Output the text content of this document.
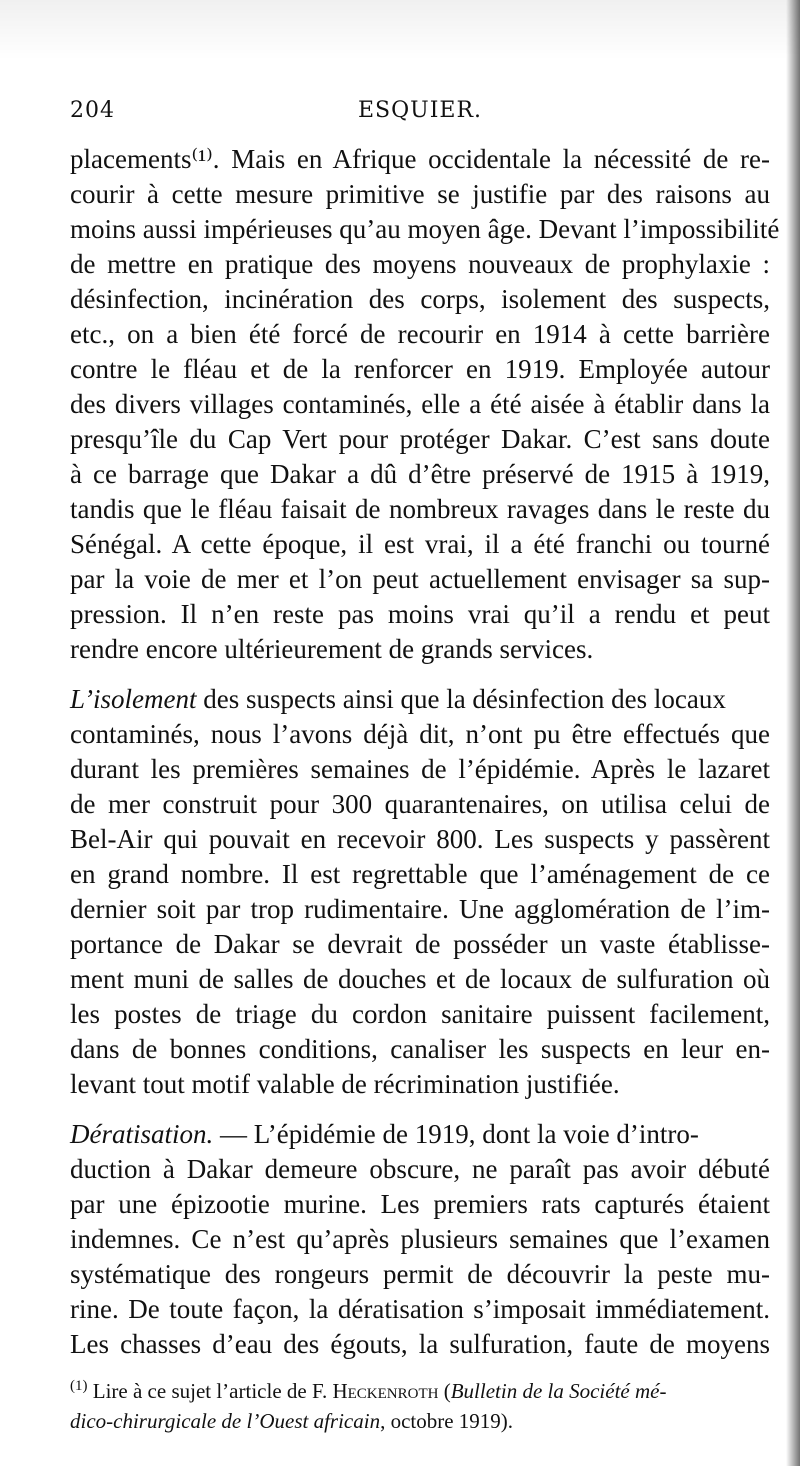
204	ESQUIER.
placements⁽¹⁾. Mais en Afrique occidentale la nécessité de re-
courir à cette mesure primitive se justifie par des raisons au
moins aussi impérieuses qu’au moyen âge. Devant l’impossibilité
de mettre en pratique des moyens nouveaux de prophylaxie :
désinfection, incinération des corps, isolement des suspects,
etc., on a bien été forcé de recourir en 1914 à cette barrière
contre le fléau et de la renforcer en 1919. Employée autour
des divers villages contaminés, elle a été aisée à établir dans la
presqu’île du Cap Vert pour protéger Dakar. C’est sans doute
à ce barrage que Dakar a dû d’être préservé de 1915 à 1919,
tandis que le fléau faisait de nombreux ravages dans le reste du
Sénégal. A cette époque, il est vrai, il a été franchi ou tourné
par la voie de mer et l’on peut actuellement envisager sa sup-
pression. Il n’en reste pas moins vrai qu’il a rendu et peut
rendre encore ultérieurement de grands services.
L’isolement des suspects ainsi que la désinfection des locaux
contaminés, nous l’avons déjà dit, n’ont pu être effectués que
durant les premières semaines de l’épidémie. Après le lazaret
de mer construit pour 300 quarantenaires, on utilisa celui de
Bel-Air qui pouvait en recevoir 800. Les suspects y passèrent
en grand nombre. Il est regrettable que l’aménagement de ce
dernier soit par trop rudimentaire. Une agglomération de l’im-
portance de Dakar se devrait de posséder un vaste établisse-
ment muni de salles de douches et de locaux de sulfuration où
les postes de triage du cordon sanitaire puissent facilement,
dans de bonnes conditions, canaliser les suspects en leur en-
levant tout motif valable de récrimination justifiée.
Dératisation. — L’épidémie de 1919, dont la voie d’intro-
duction à Dakar demeure obscure, ne paraît pas avoir débuté
par une épizootie murine. Les premiers rats capturés étaient
indemnes. Ce n’est qu’après plusieurs semaines que l’examen
systématique des rongeurs permit de découvrir la peste mu-
rine. De toute façon, la dératisation s’imposait immédiatement.
Les chasses d’eau des égouts, la sulfuration, faute de moyens
$^{(1)}$ Lire à ce sujet l’article de F. Heckenroth (Bulletin de la Société mé-
dico-chirurgicale de l’Ouest africain, octobre 1919).
